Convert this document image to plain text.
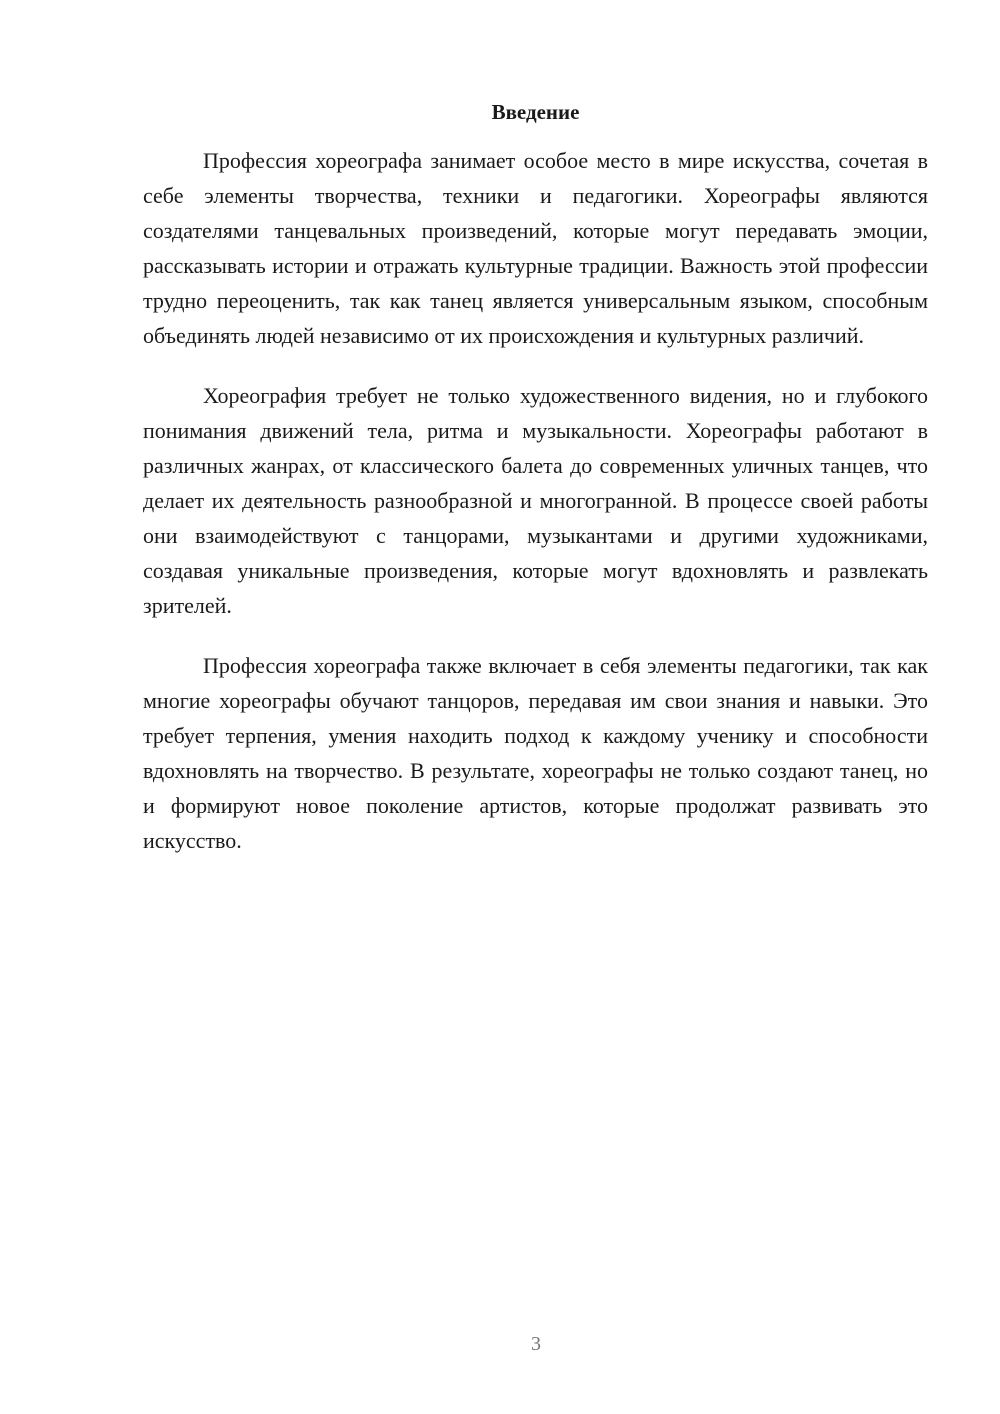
Введение

Профессия хореографа занимает особое место в мире искусства, сочетая в себе элементы творчества, техники и педагогики. Хореографы являются создателями танцевальных произведений, которые могут передавать эмоции, рассказывать истории и отражать культурные традиции. Важность этой профессии трудно переоценить, так как танец является универсальным языком, способным объединять людей независимо от их происхождения и культурных различий.

Хореография требует не только художественного видения, но и глубокого понимания движений тела, ритма и музыкальности. Хореографы работают в различных жанрах, от классического балета до современных уличных танцев, что делает их деятельность разнообразной и многогранной. В процессе своей работы они взаимодействуют с танцорами, музыкантами и другими художниками, создавая уникальные произведения, которые могут вдохновлять и развлекать зрителей.

Профессия хореографа также включает в себя элементы педагогики, так как многие хореографы обучают танцоров, передавая им свои знания и навыки. Это требует терпения, умения находить подход к каждому ученику и способности вдохновлять на творчество. В результате, хореографы не только создают танец, но и формируют новое поколение артистов, которые продолжат развивать это искусство.

3
